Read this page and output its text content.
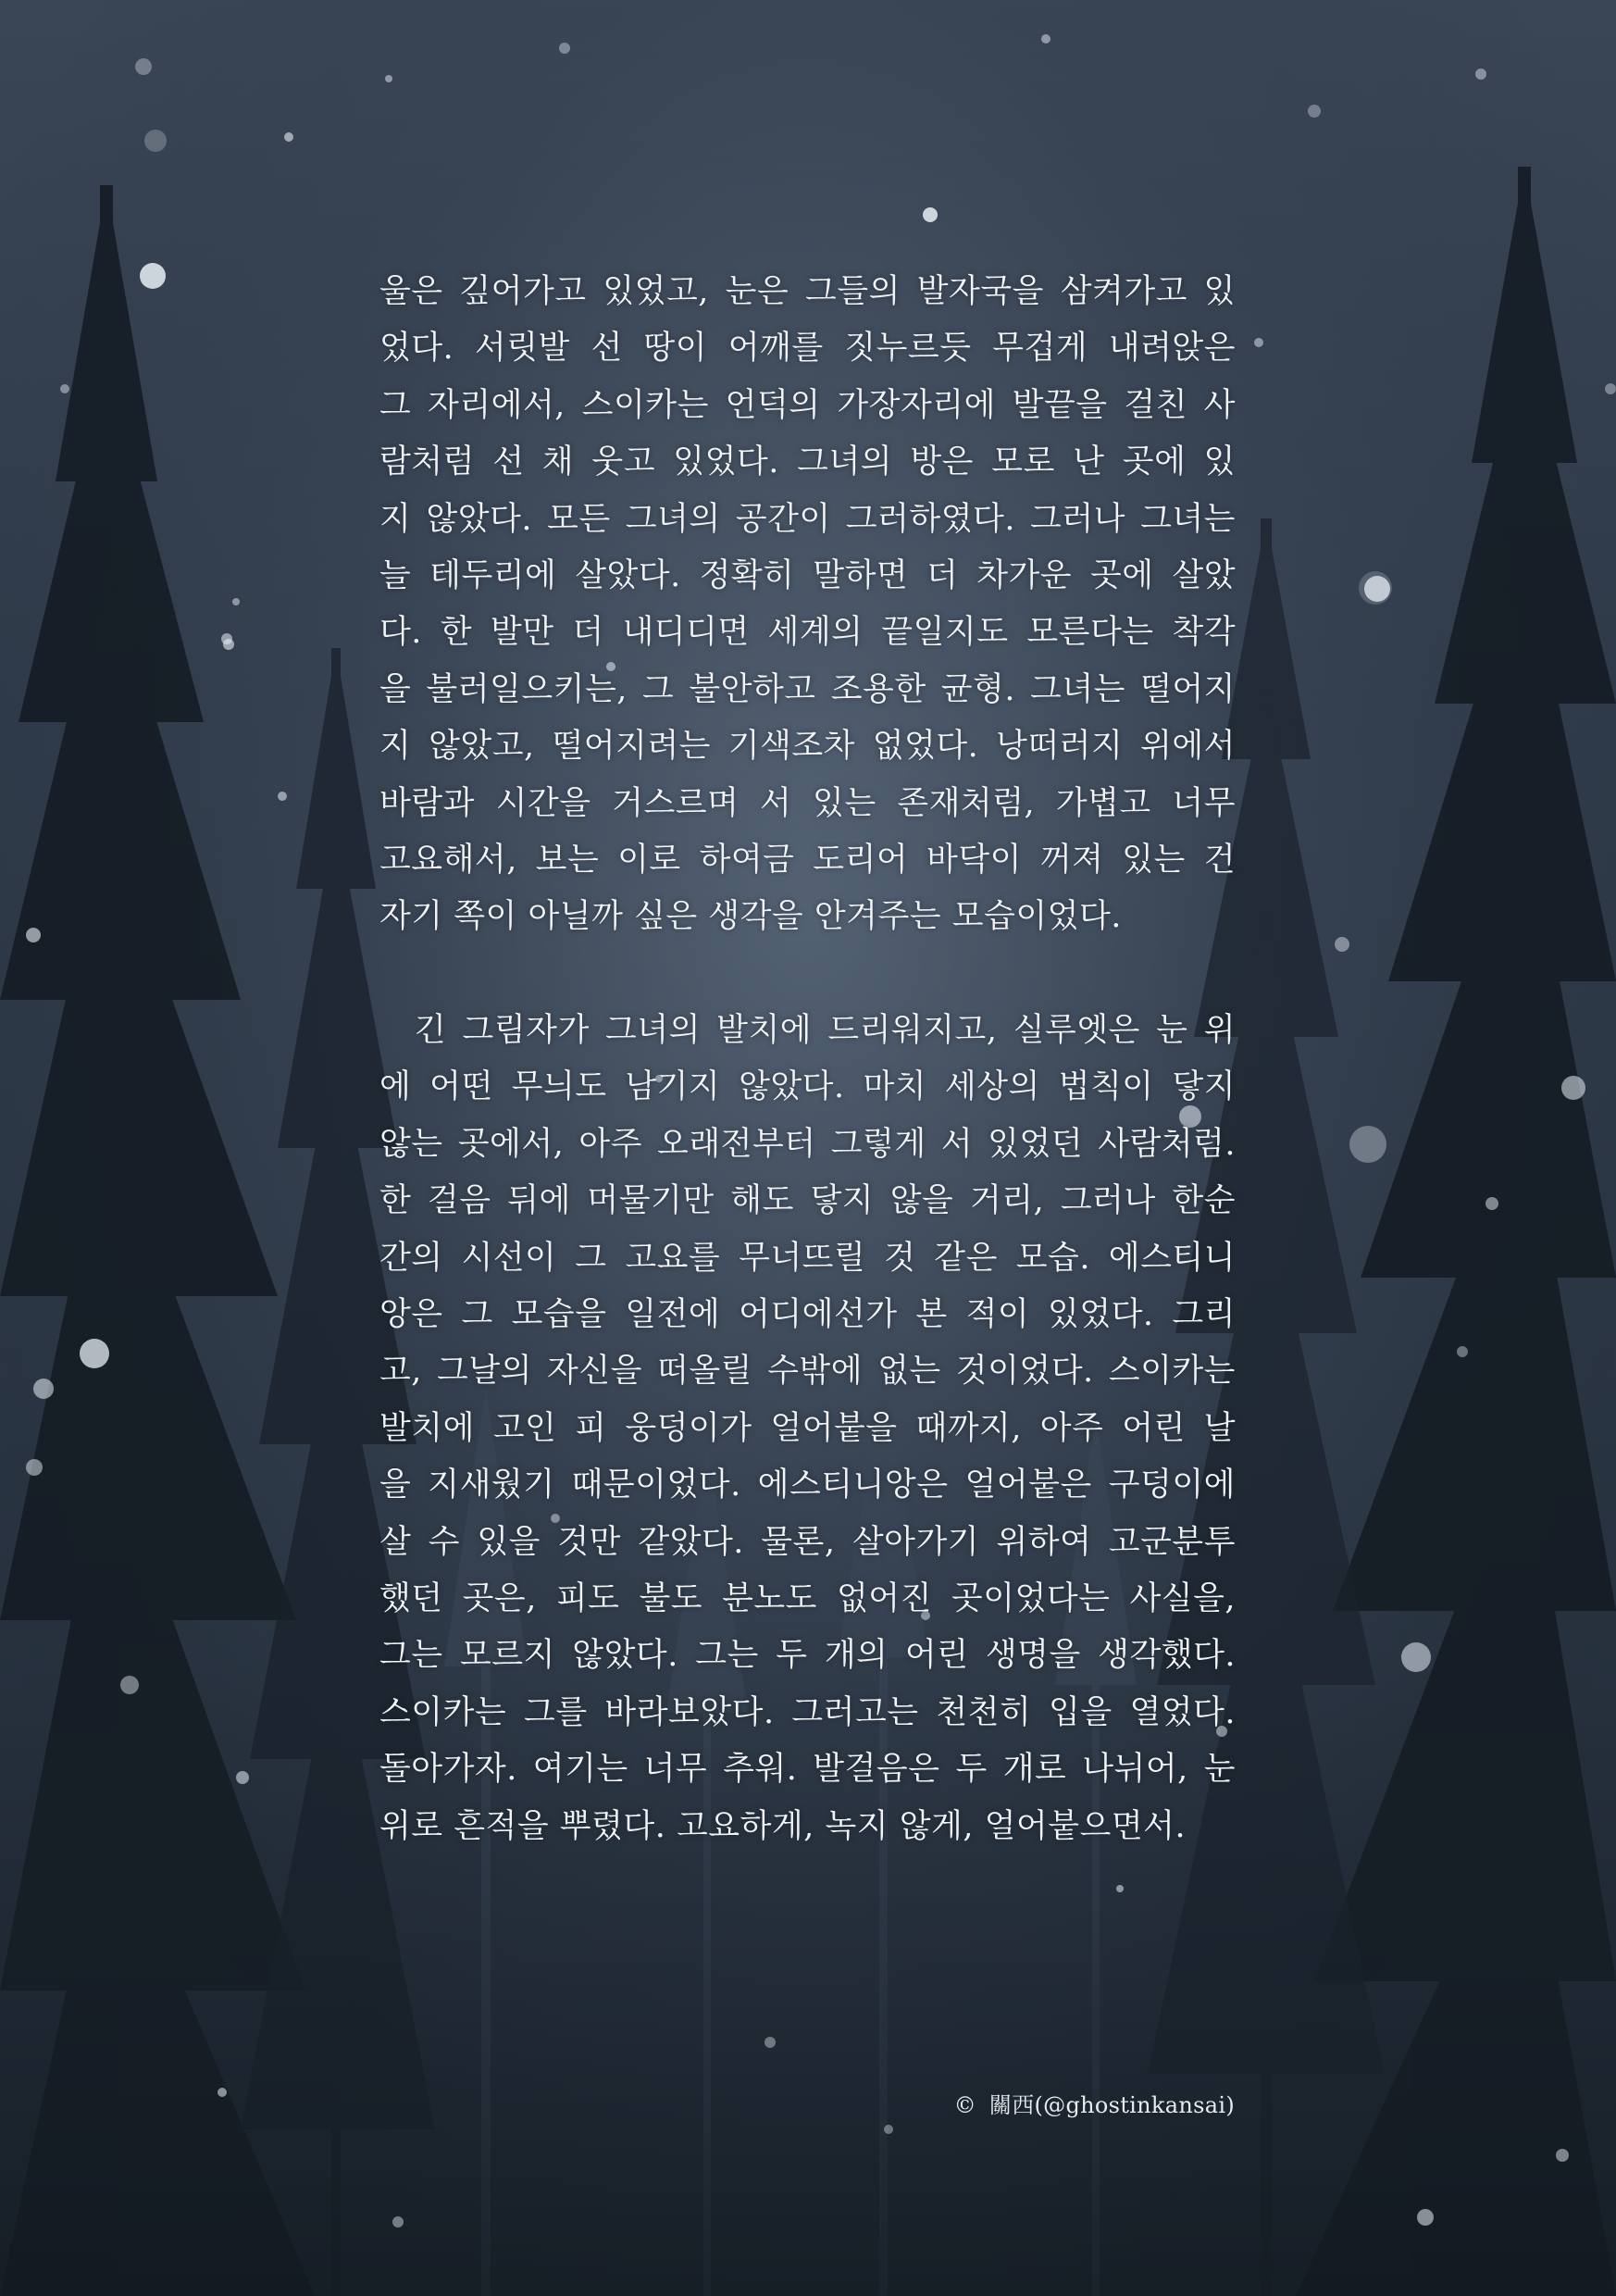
울은 깊어가고 있었고, 눈은 그들의 발자국을 삼켜가고 있
었다. 서릿발 선 땅이 어깨를 짓누르듯 무겁게 내려앉은
그 자리에서, 스이카는 언덕의 가장자리에 발끝을 걸친 사
람처럼 선 채 웃고 있었다. 그녀의 방은 모로 난 곳에 있
지 않았다. 모든 그녀의 공간이 그러하였다. 그러나 그녀는
늘 테두리에 살았다. 정확히 말하면 더 차가운 곳에 살았
다. 한 발만 더 내디디면 세계의 끝일지도 모른다는 착각
을 불러일으키는, 그 불안하고 조용한 균형. 그녀는 떨어지
지 않았고, 떨어지려는 기색조차 없었다. 낭떠러지 위에서
바람과 시간을 거스르며 서 있는 존재처럼, 가볍고 너무
고요해서, 보는 이로 하여금 도리어 바닥이 꺼져 있는 건
자기 쪽이 아닐까 싶은 생각을 안겨주는 모습이었다.
긴 그림자가 그녀의 발치에 드리워지고, 실루엣은 눈 위
에 어떤 무늬도 남기지 않았다. 마치 세상의 법칙이 닿지
않는 곳에서, 아주 오래전부터 그렇게 서 있었던 사람처럼.
한 걸음 뒤에 머물기만 해도 닿지 않을 거리, 그러나 한순
간의 시선이 그 고요를 무너뜨릴 것 같은 모습. 에스티니
앙은 그 모습을 일전에 어디에선가 본 적이 있었다. 그리
고, 그날의 자신을 떠올릴 수밖에 없는 것이었다. 스이카는
발치에 고인 피 웅덩이가 얼어붙을 때까지, 아주 어린 날
을 지새웠기 때문이었다. 에스티니앙은 얼어붙은 구덩이에
살 수 있을 것만 같았다. 물론, 살아가기 위하여 고군분투
했던 곳은, 피도 불도 분노도 없어진 곳이었다는 사실을,
그는 모르지 않았다. 그는 두 개의 어린 생명을 생각했다.
스이카는 그를 바라보았다. 그러고는 천천히 입을 열었다.
돌아가자. 여기는 너무 추워. 발걸음은 두 개로 나뉘어, 눈
위로 흔적을 뿌렸다. 고요하게, 녹지 않게, 얼어붙으면서.
© 關西(@ghostinkansai)
